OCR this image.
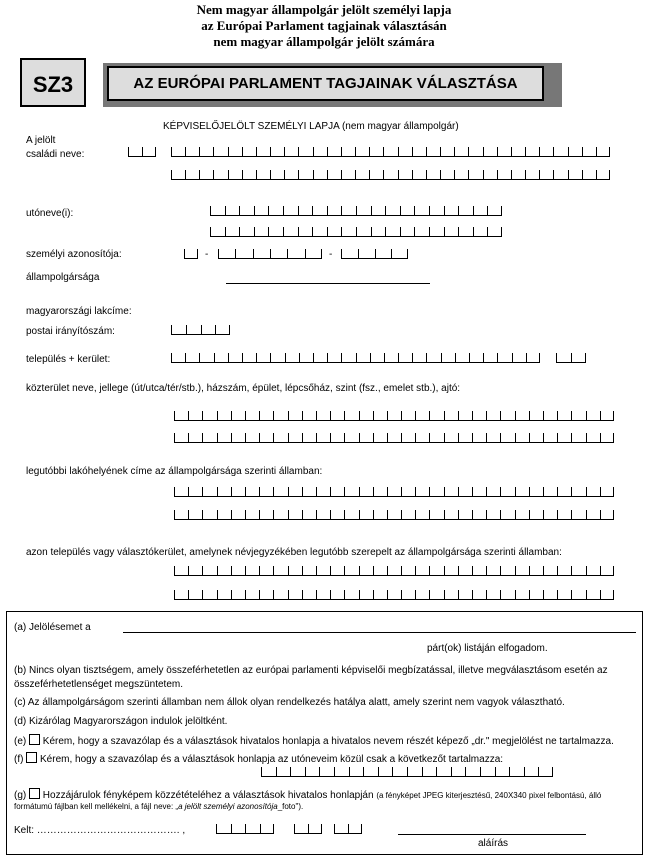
Nem magyar állampolgár jelölt személyi lapja
az Európai Parlament tagjainak választásán
nem magyar állampolgár jelölt számára
SZ3	AZ EURÓPAI PARLAMENT TAGJAINAK VÁLASZTÁSA
KÉPVISELŐJELÖLT SZEMÉLYI LAPJA (nem magyar állampolgár)
A jelölt
családi neve:
utóneve(i):
személyi azonosítója:	-	-
állampolgársága
magyarországi lakcíme:
postai irányítószám:
település + kerület:
közterület neve, jellege (út/utca/tér/stb.), házszám, épület, lépcsőház, szint (fsz., emelet stb.), ajtó:
legutóbbi lakóhelyének címe az állampolgársága szerinti államban:
azon település vagy választókerület, amelynek névjegyzékében legutóbb szerepelt az állampolgársága szerinti államban:
(a) Jelölésemet a
párt(ok) listáján elfogadom.
(b) Nincs olyan tisztségem, amely összeférhetetlen az európai parlamenti képviselői megbízatással, illetve megválasztásom esetén az összeférhetetlenséget megszüntetem.
(c) Az állampolgárságom szerinti államban nem állok olyan rendelkezés hatálya alatt, amely szerint nem vagyok választható.
(d) Kizárólag Magyarországon indulok jelöltként.
(e) Kérem, hogy a szavazólap és a választások hivatalos honlapja a hivatalos nevem részét képező „dr." megjelölést ne tartalmazza.
(f) Kérem, hogy a szavazólap és a választások honlapja az utóneveim közül csak a következőt tartalmazza:
(g) Hozzájárulok fényképem közzétételéhez a választások hivatalos honlapján (a fényképet JPEG kiterjesztésű, 240X340 pixel felbontású, álló
formátumú fájlban kell mellékelni, a fájl neve: „a jelölt személyi azonosítója_foto").
Kelt: ……………………………………. ,
aláírás
